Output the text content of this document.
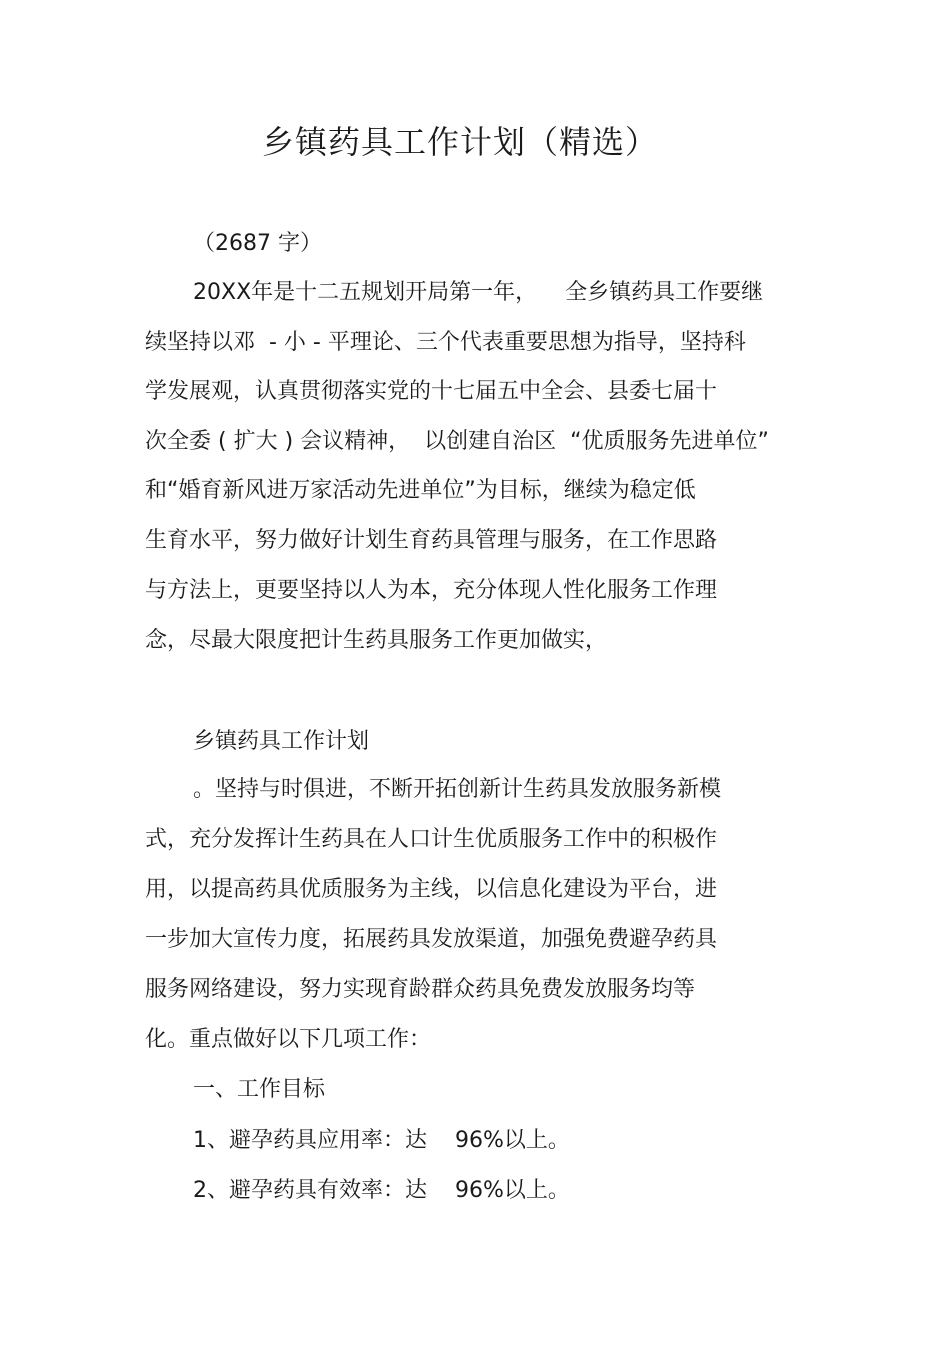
乡镇药具工作计划（精选）
（2687 字）
20XX年是十二五规划开局第一年，    全乡镇药具工作要继
续坚持以邓  - 小 - 平理论、三个代表重要思想为指导，坚持科
学发展观，认真贯彻落实党的十七届五中全会、县委七届十
次全委 ( 扩大 ) 会议精神，  以创建自治区  “优质服务先进单位”
和“婚育新风进万家活动先进单位”为目标，继续为稳定低
生育水平，努力做好计划生育药具管理与服务，在工作思路
与方法上，更要坚持以人为本，充分体现人性化服务工作理
念，尽最大限度把计生药具服务工作更加做实，
乡镇药具工作计划
。坚持与时俱进，不断开拓创新计生药具发放服务新模
式，充分发挥计生药具在人口计生优质服务工作中的积极作
用，以提高药具优质服务为主线，以信息化建设为平台，进
一步加大宣传力度，拓展药具发放渠道，加强免费避孕药具
服务网络建设，努力实现育龄群众药具免费发放服务均等
化。重点做好以下几项工作：
一、工作目标
1、避孕药具应用率：达    96%以上。
2、避孕药具有效率：达    96%以上。
